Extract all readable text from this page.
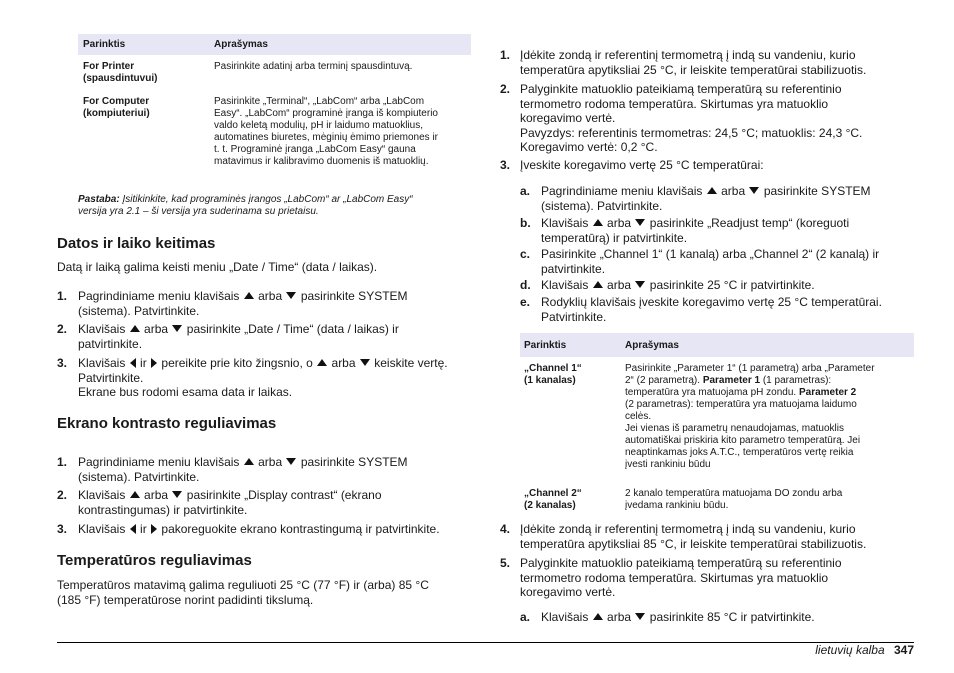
Parinktis	Aprašymas
For Printer
(spausdintuvui)
Pasirinkite adatinį arba terminį spausdintuvą.
For Computer
(kompiuteriui)
Pasirinkite „Terminal“, „LabCom“ arba „LabCom
Easy“. „LabCom“ programinė įranga iš kompiuterio
valdo keletą modulių, pH ir laidumo matuoklius,
automatines biuretes, mėginių ėmimo priemones ir
t. t. Programinė įranga „LabCom Easy“ gauna
matavimus ir kalibravimo duomenis iš matuoklių.
Pastaba: Įsitikinkite, kad programinės įrangos „LabCom“ ar „LabCom Easy“
versija yra 2.1 – ši versija yra suderinama su prietaisu.
Datos ir laiko keitimas
Datą ir laiką galima keisti meniu „Date / Time“ (data / laikas).
1. Pagrindiniame meniu klavišais arba pasirinkite SYSTEM
(sistema). Patvirtinkite.
2. Klavišais arba pasirinkite „Date / Time“ (data / laikas) ir
patvirtinkite.
3. Klavišais ir pereikite prie kito žingsnio, o arba keiskite vertę.
Patvirtinkite.
Ekrane bus rodomi esama data ir laikas.
Ekrano kontrasto reguliavimas
1. Pagrindiniame meniu klavišais arba pasirinkite SYSTEM
(sistema). Patvirtinkite.
2. Klavišais arba pasirinkite „Display contrast“ (ekrano
kontrastingumas) ir patvirtinkite.
3. Klavišais ir pakoreguokite ekrano kontrastingumą ir patvirtinkite.
Temperatūros reguliavimas
Temperatūros matavimą galima reguliuoti 25 °C (77 °F) ir (arba) 85 °C
(185 °F) temperatūrose norint padidinti tikslumą.
1. Įdėkite zondą ir referentinį termometrą į indą su vandeniu, kurio
temperatūra apytiksliai 25 °C, ir leiskite temperatūrai stabilizuotis.
2. Palyginkite matuoklio pateikiamą temperatūrą su referentinio
termometro rodoma temperatūra. Skirtumas yra matuoklio
koregavimo vertė.
Pavyzdys: referentinis termometras: 24,5 °C; matuoklis: 24,3 °C.
Koregavimo vertė: 0,2 °C.
3. Įveskite koregavimo vertę 25 °C temperatūrai:
a. Pagrindiniame meniu klavišais arba pasirinkite SYSTEM
(sistema). Patvirtinkite.
b. Klavišais arba pasirinkite „Readjust temp“ (koreguoti
temperatūrą) ir patvirtinkite.
c. Pasirinkite „Channel 1“ (1 kanalą) arba „Channel 2“ (2 kanalą) ir
patvirtinkite.
d. Klavišais arba pasirinkite 25 °C ir patvirtinkite.
e. Rodyklių klavišais įveskite koregavimo vertę 25 °C temperatūrai.
Patvirtinkite.
Parinktis	Aprašymas
„Channel 1“
(1 kanalas)
Pasirinkite „Parameter 1“ (1 parametrą) arba „Parameter
2“ (2 parametrą). Parameter 1 (1 parametras):
temperatūra yra matuojama pH zondu. Parameter 2
(2 parametras): temperatūra yra matuojama laidumo
celės.
Jei vienas iš parametrų nenaudojamas, matuoklis
automatiškai priskiria kito parametro temperatūrą. Jei
neaptinkamas joks A.T.C., temperatūros vertę reikia
įvesti rankiniu būdu
„Channel 2“
(2 kanalas)
2 kanalo temperatūra matuojama DO zondu arba
įvedama rankiniu būdu.
4. Įdėkite zondą ir referentinį termometrą į indą su vandeniu, kurio
temperatūra apytiksliai 85 °C, ir leiskite temperatūrai stabilizuotis.
5. Palyginkite matuoklio pateikiamą temperatūrą su referentinio
termometro rodoma temperatūra. Skirtumas yra matuoklio
koregavimo vertė.
a. Klavišais arba pasirinkite 85 °C ir patvirtinkite.
lietuvių kalba 347
